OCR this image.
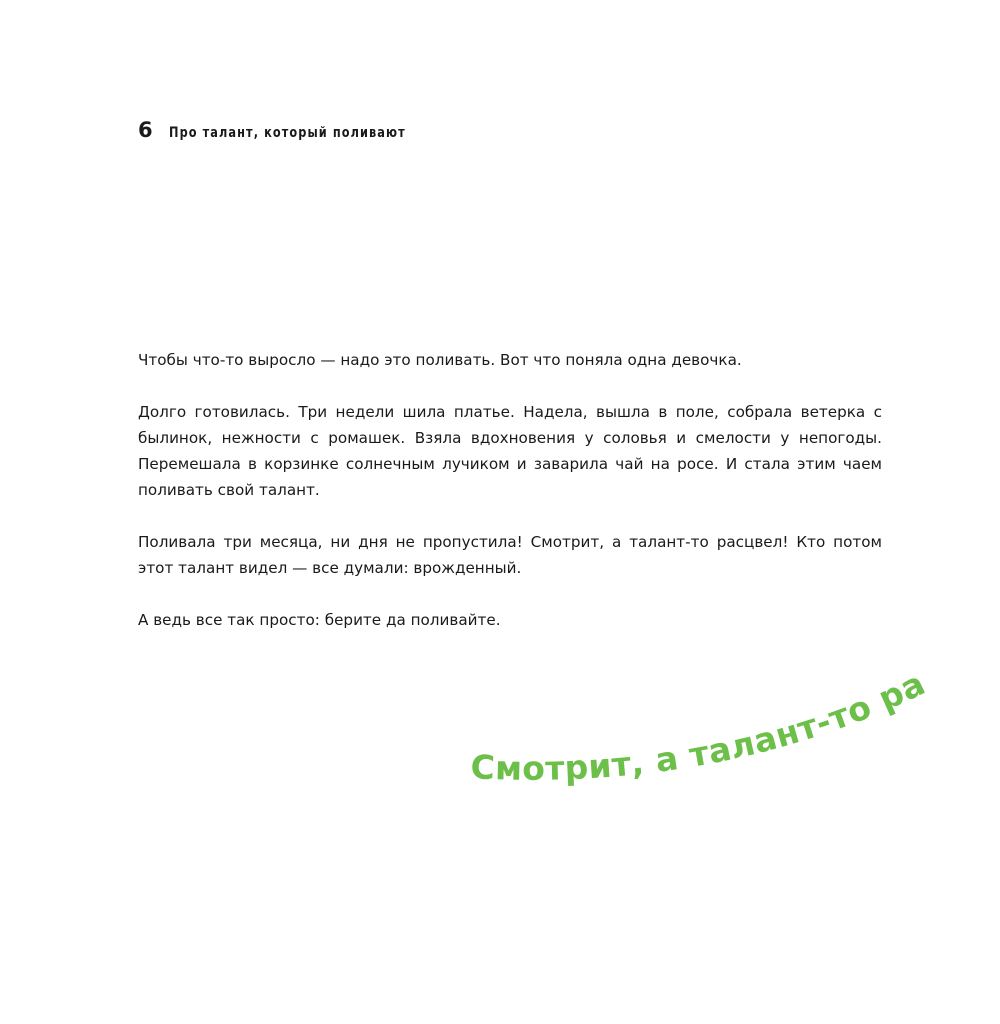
6 Про талант, который поливают

Чтобы что-то выросло — надо это поливать. Вот что поняла одна девочка.

Долго готовилась. Три недели шила платье. Надела, вышла в поле, собрала ветерка с былинок, нежности с ромашек. Взяла вдохновения у соловья и смелости у непогоды. Перемешала в корзинке солнечным лучиком и заварила чай на росе. И стала этим чаем поливать свой талант.

Поливала три месяца, ни дня не пропустила! Смотрит, а талант-то расцвел! Кто потом этот талант видел — все думали: врожденный.

А ведь все так просто: берите да поливайте.

Смотрит, а талант-то расцвел!
